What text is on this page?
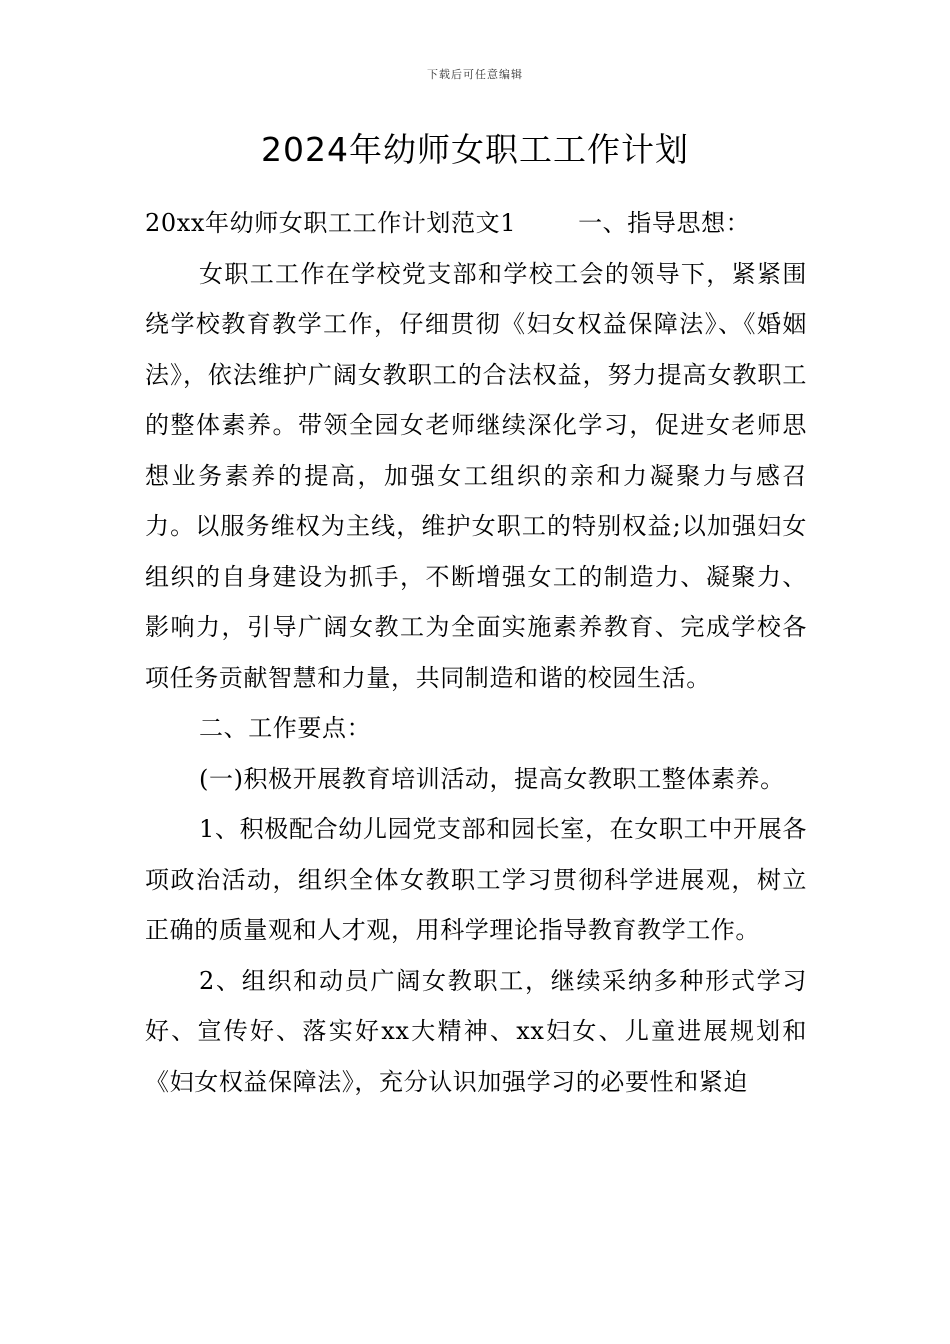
下载后可任意编辑
2024年幼师女职工工作计划

20xx年幼师女职工工作计划范文1	一、指导思想：

女职工工作在学校党支部和学校工会的领导下，紧紧围绕学校教育教学工作，仔细贯彻《妇女权益保障法》、《婚姻法》，依法维护广阔女教职工的合法权益，努力提高女教职工的整体素养。带领全园女老师继续深化学习，促进女老师思想业务素养的提高，加强女工组织的亲和力凝聚力与感召力。以服务维权为主线，维护女职工的特别权益;以加强妇女组织的自身建设为抓手，不断增强女工的制造力、凝聚力、影响力，引导广阔女教工为全面实施素养教育、完成学校各项任务贡献智慧和力量，共同制造和谐的校园生活。

二、工作要点：

(一)积极开展教育培训活动，提高女教职工整体素养。

1、积极配合幼儿园党支部和园长室，在女职工中开展各项政治活动，组织全体女教职工学习贯彻科学进展观，树立正确的质量观和人才观，用科学理论指导教育教学工作。

2、组织和动员广阔女教职工，继续采纳多种形式学习好、宣传好、落实好xx大精神、xx妇女、儿童进展规划和《妇女权益保障法》，充分认识加强学习的必要性和紧迫
